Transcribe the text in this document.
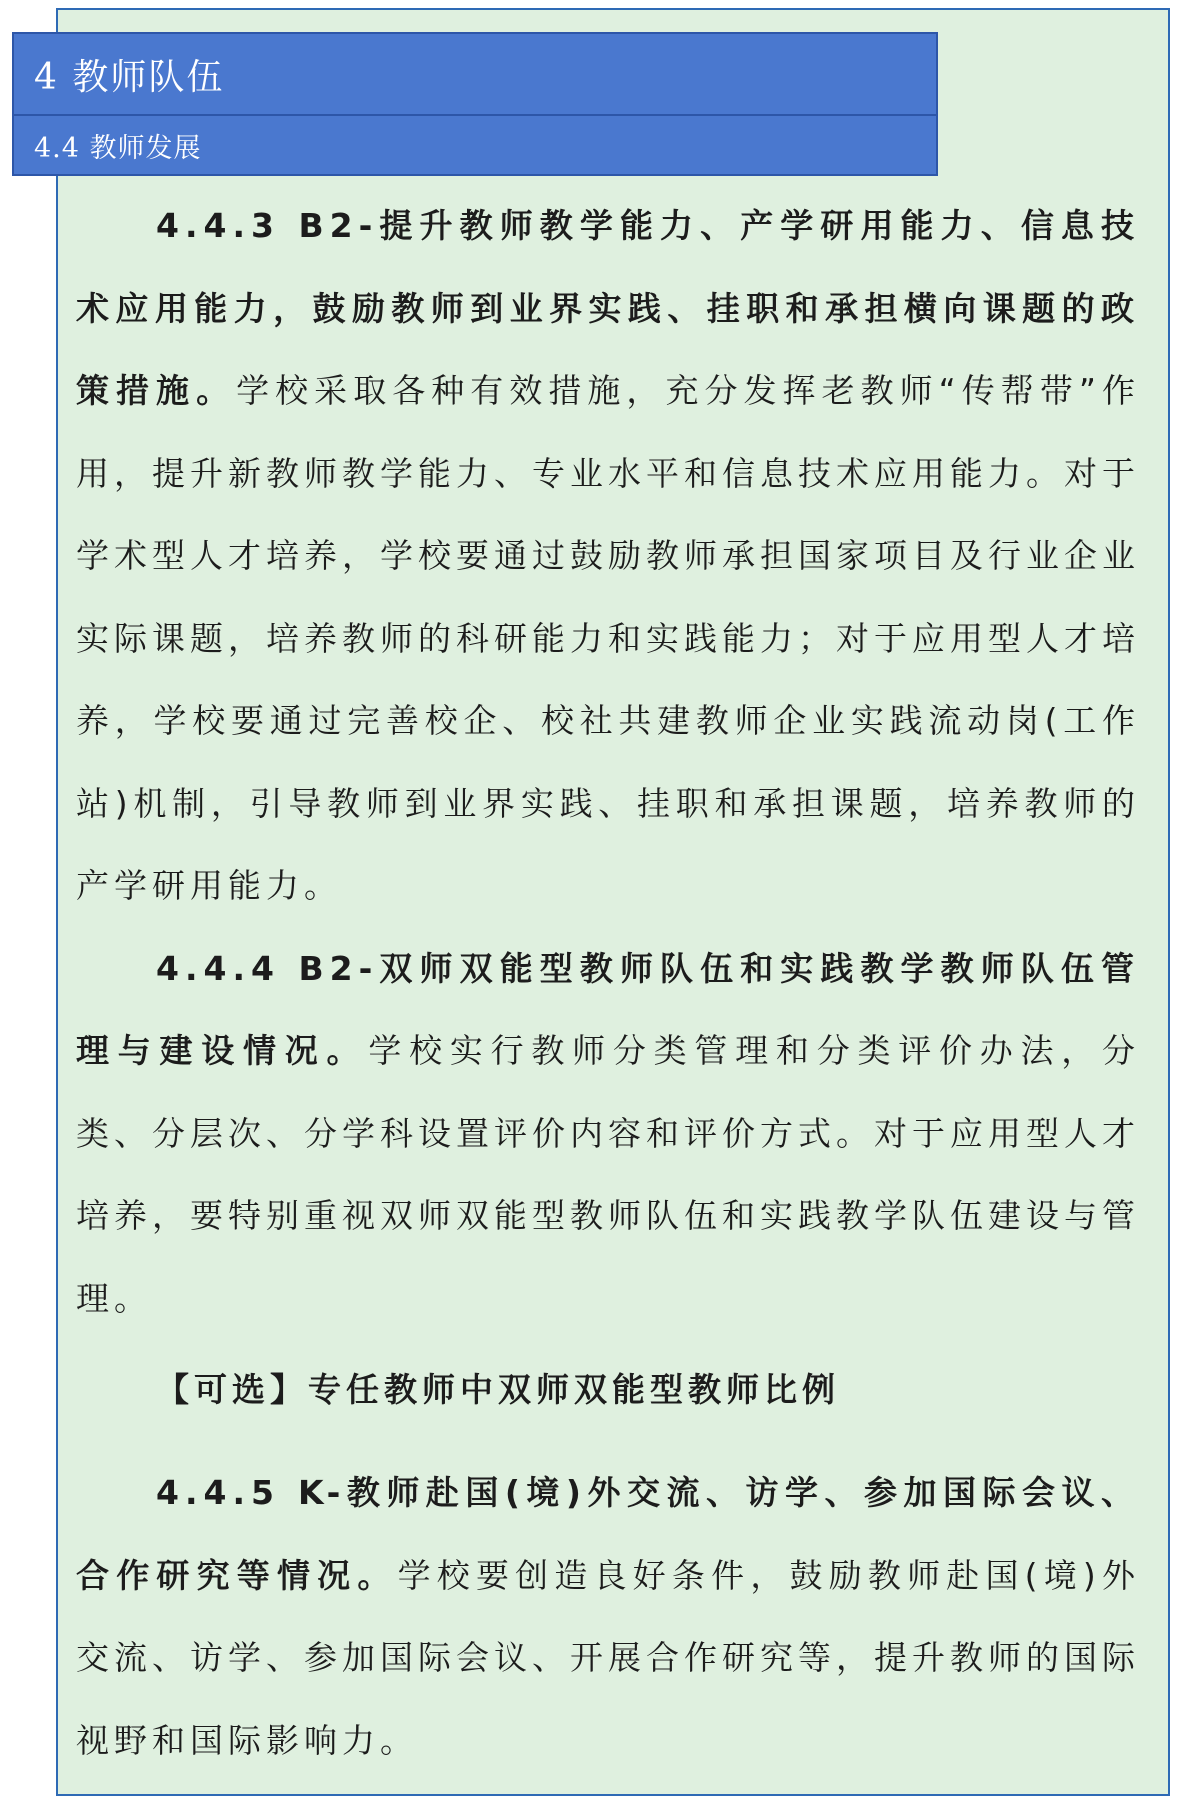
4 教师队伍
4.4 教师发展

4.4.3 B2-提升教师教学能力、产学研用能力、信息技术应用能力，鼓励教师到业界实践、挂职和承担横向课题的政策措施。学校采取各种有效措施，充分发挥老教师“传帮带”作用，提升新教师教学能力、专业水平和信息技术应用能力。对于学术型人才培养，学校要通过鼓励教师承担国家项目及行业企业实际课题，培养教师的科研能力和实践能力；对于应用型人才培养，学校要通过完善校企、校社共建教师企业实践流动岗(工作站)机制，引导教师到业界实践、挂职和承担课题，培养教师的产学研用能力。

4.4.4 B2-双师双能型教师队伍和实践教学教师队伍管理与建设情况。学校实行教师分类管理和分类评价办法，分类、分层次、分学科设置评价内容和评价方式。对于应用型人才培养，要特别重视双师双能型教师队伍和实践教学队伍建设与管理。

【可选】专任教师中双师双能型教师比例

4.4.5 K-教师赴国(境)外交流、访学、参加国际会议、合作研究等情况。学校要创造良好条件，鼓励教师赴国(境)外交流、访学、参加国际会议、开展合作研究等，提升教师的国际视野和国际影响力。
